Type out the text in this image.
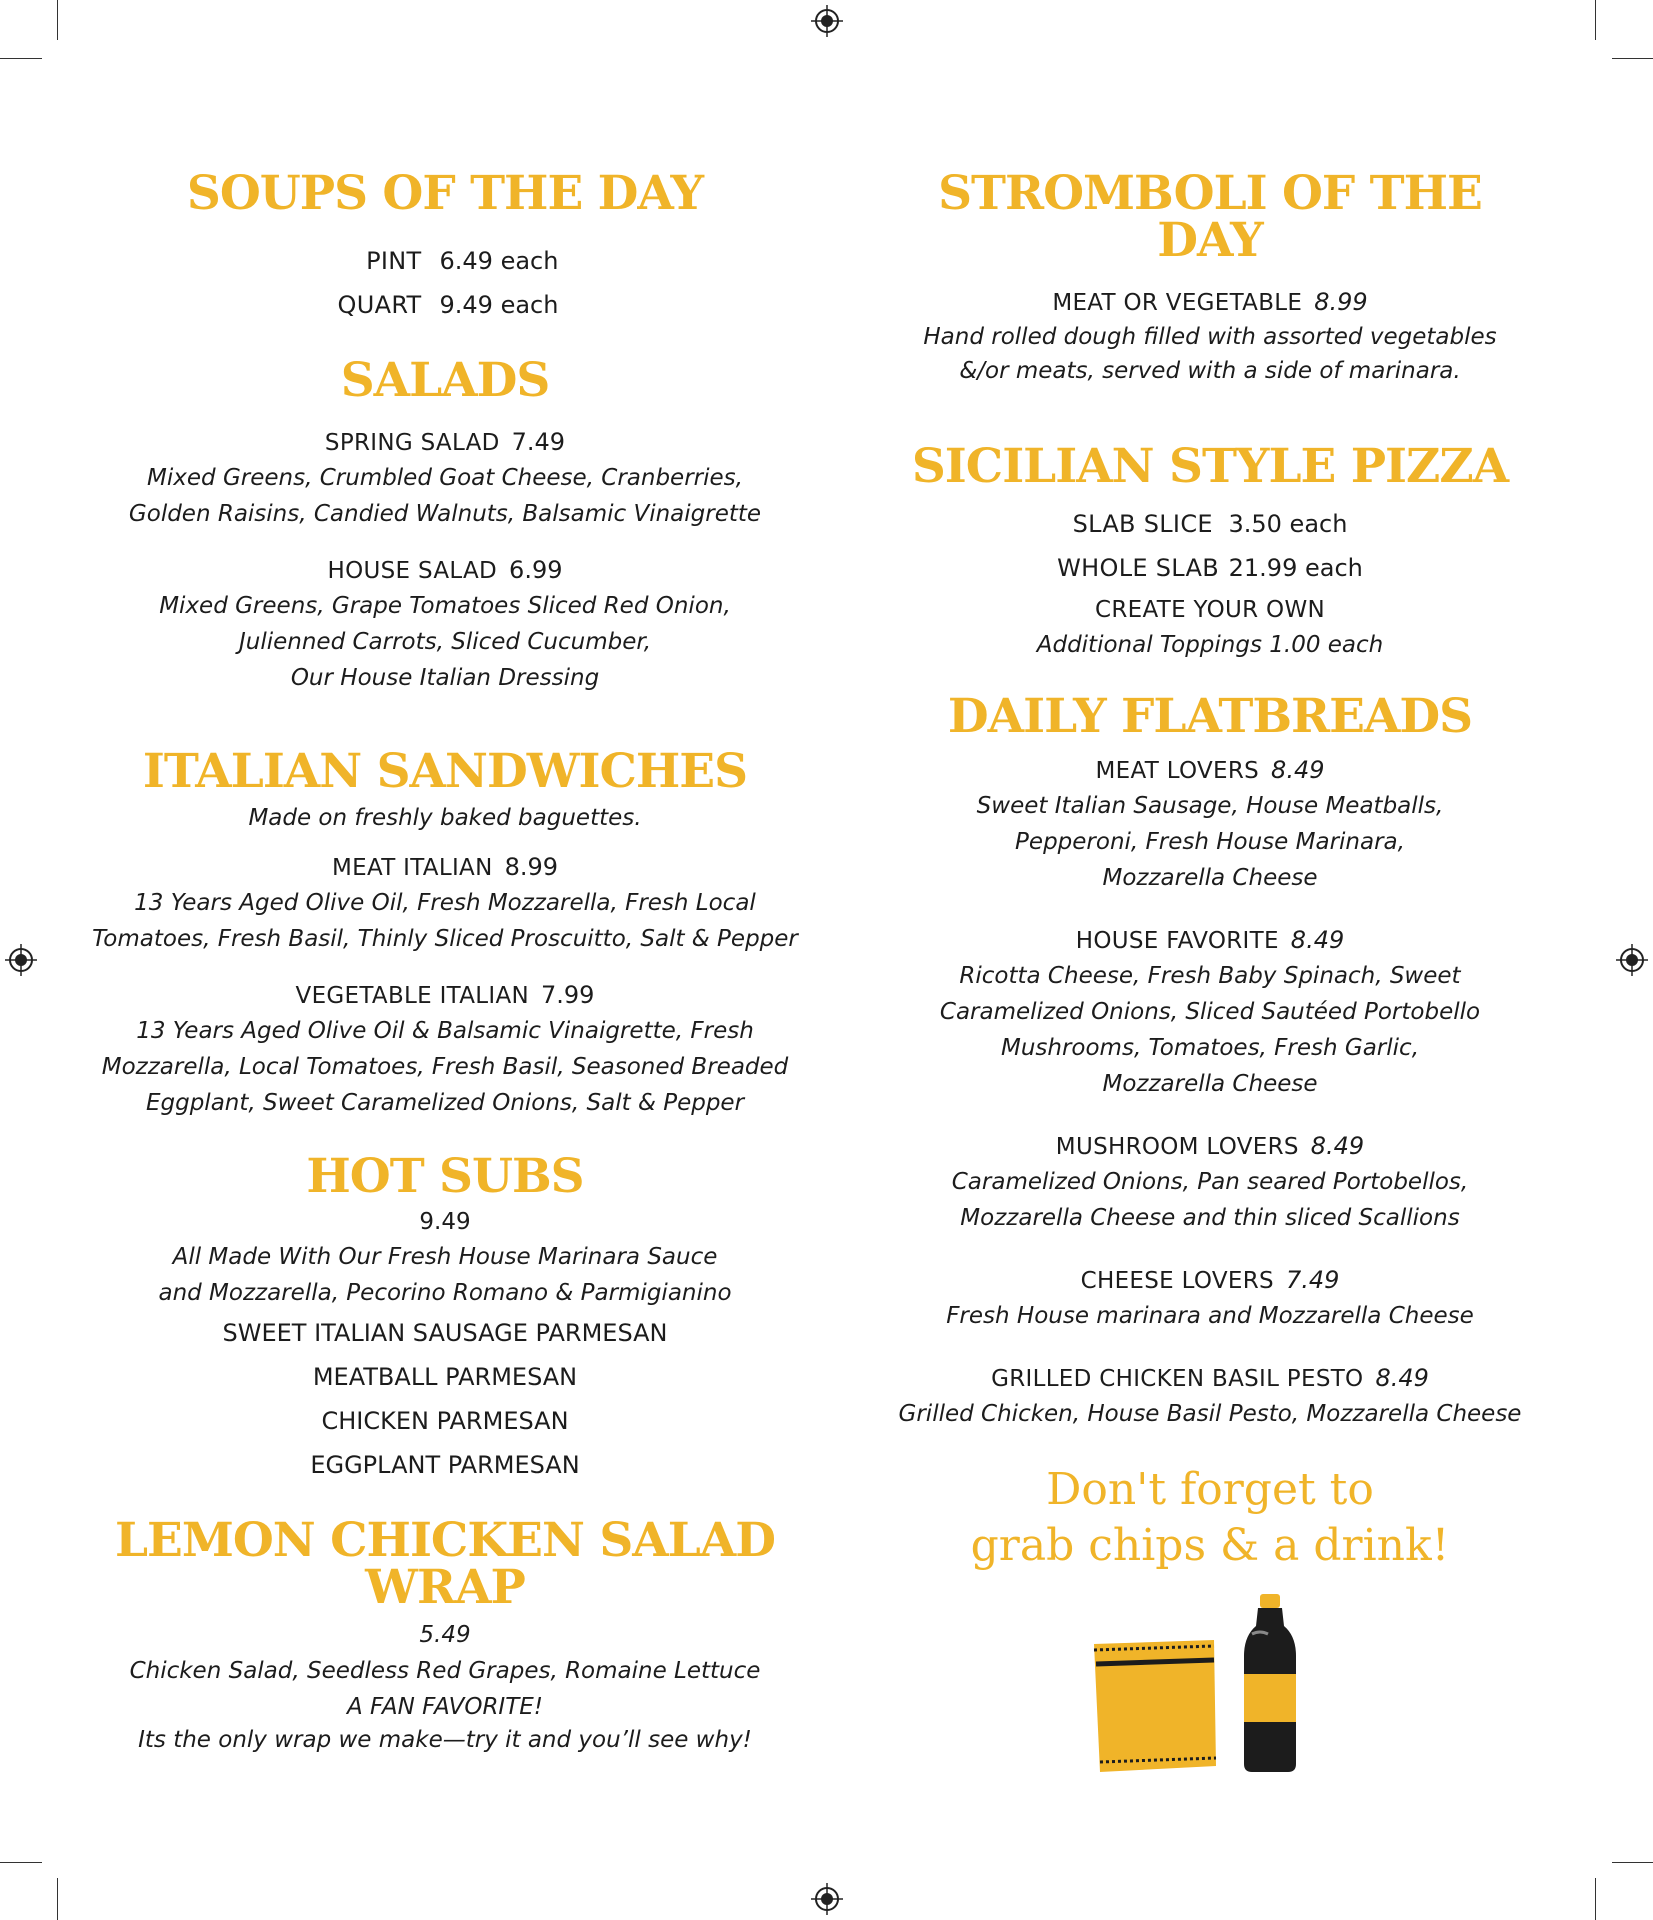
SOUPS OF THE DAY
PINT 6.49 each
QUART 9.49 each
SALADS

SPRING SALAD 7.49

Mixed Greens, Crumbled Goat Cheese, Cranberries,
Golden Raisins, Candied Walnuts, Balsamic Vinaigrette

HOUSE SALAD 6.99

Mixed Greens, Grape Tomatoes Sliced Red Onion,
Julienned Carrots, Sliced Cucumber,
Our House Italian Dressing

ITALIAN SANDWICHES

Made on freshly baked baguettes.

MEAT ITALIAN 8.99

13 Years Aged Olive Oil, Fresh Mozzarella, Fresh Local
Tomatoes, Fresh Basil, Thinly Sliced Proscuitto, Salt & Pepper

VEGETABLE ITALIAN 7.99

13 Years Aged Olive Oil & Balsamic Vinaigrette, Fresh
Mozzarella, Local Tomatoes, Fresh Basil, Seasoned Breaded
Eggplant, Sweet Caramelized Onions, Salt & Pepper

HOT SUBS

9.49

All Made With Our Fresh House Marinara Sauce
and Mozzarella, Pecorino Romano & Parmigianino

SWEET ITALIAN SAUSAGE PARMESAN
MEATBALL PARMESAN
CHICKEN PARMESAN
EGGPLANT PARMESAN
LEMON CHICKEN SALAD WRAP

5.49

Chicken Salad, Seedless Red Grapes, Romaine Lettuce

A FAN FAVORITE!

Its the only wrap we make—try it and you’ll see why!

STROMBOLI OF THE DAY

MEAT OR VEGETABLE 8.99

Hand rolled dough filled with assorted vegetables
&/or meats, served with a side of marinara.

SICILIAN STYLE PIZZA
SLAB SLICE 3.50 each
WHOLE SLAB 21.99 each

CREATE YOUR OWN

Additional Toppings 1.00 each

DAILY FLATBREADS

MEAT LOVERS 8.49

Sweet Italian Sausage, House Meatballs,
Pepperoni, Fresh House Marinara,
Mozzarella Cheese

HOUSE FAVORITE 8.49

Ricotta Cheese, Fresh Baby Spinach, Sweet
Caramelized Onions, Sliced Sautéed Portobello
Mushrooms, Tomatoes, Fresh Garlic,
Mozzarella Cheese

MUSHROOM LOVERS 8.49

Caramelized Onions, Pan seared Portobellos,
Mozzarella Cheese and thin sliced Scallions

CHEESE LOVERS 7.49

Fresh House marinara and Mozzarella Cheese

GRILLED CHICKEN BASIL PESTO 8.49

Grilled Chicken, House Basil Pesto, Mozzarella Cheese

Don't forget to
grab chips & a drink!
